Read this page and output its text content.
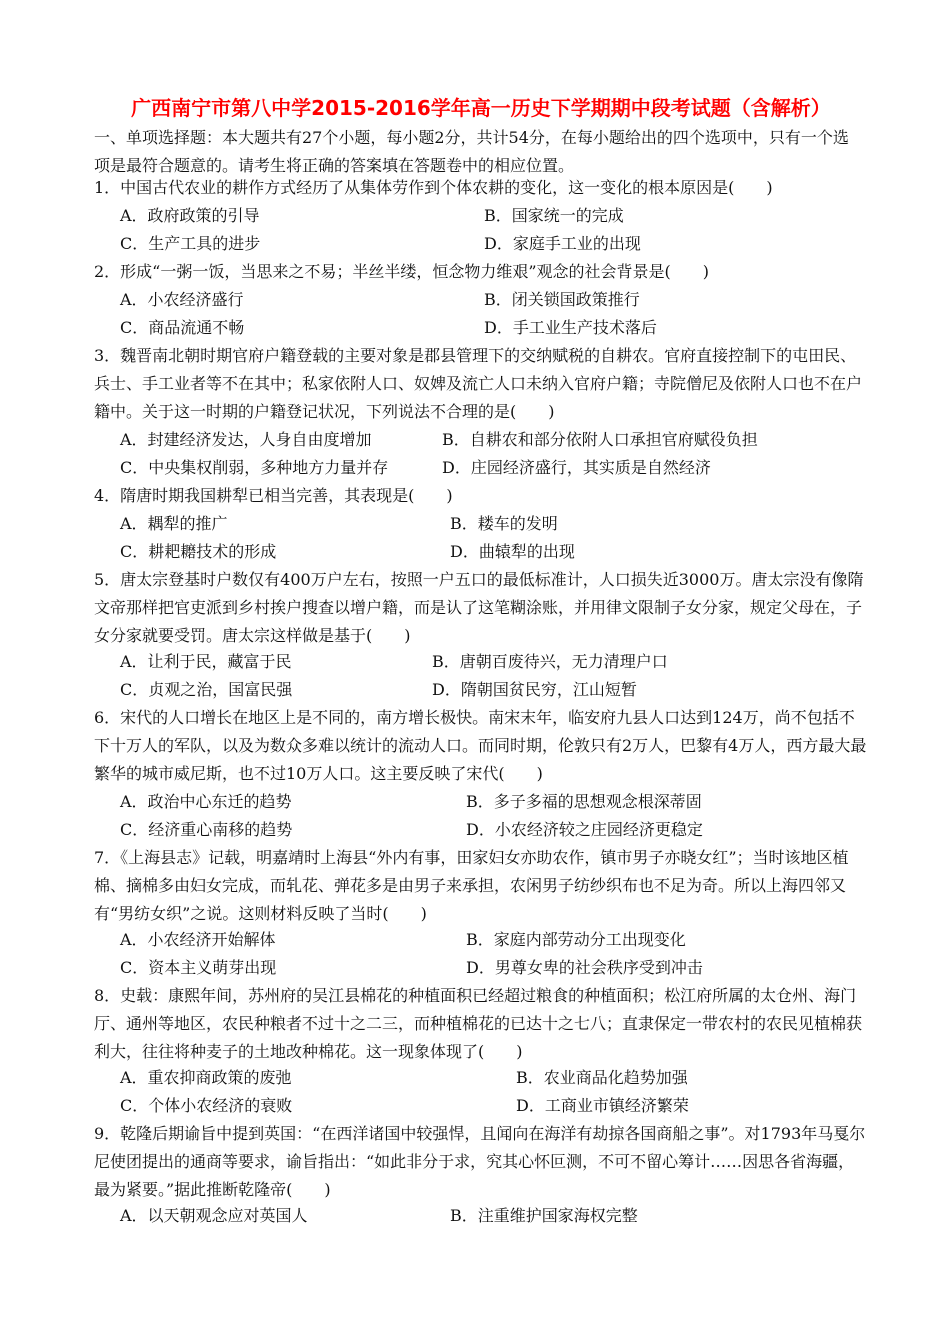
广西南宁市第八中学2015-2016学年高一历史下学期期中段考试题（含解析）
一、单项选择题：本大题共有27个小题，每小题2分，共计54分，在每小题给出的四个选项中，只有一个选项是最符合题意的。请考生将正确的答案填在答题卷中的相应位置。
1．中国古代农业的耕作方式经历了从集体劳作到个体农耕的变化，这一变化的根本原因是(　　)
A．政府政策的引导	B．国家统一的完成
C．生产工具的进步	D．家庭手工业的出现
2．形成“一粥一饭，当思来之不易；半丝半缕，恒念物力维艰”观念的社会背景是(　　)
A．小农经济盛行	B．闭关锁国政策推行
C．商品流通不畅	D．手工业生产技术落后
3．魏晋南北朝时期官府户籍登载的主要对象是郡县管理下的交纳赋税的自耕农。官府直接控制下的屯田民、兵士、手工业者等不在其中；私家依附人口、奴婢及流亡人口未纳入官府户籍；寺院僧尼及依附人口也不在户籍中。关于这一时期的户籍登记状况，下列说法不合理的是(　　)
A．封建经济发达，人身自由度增加	B．自耕农和部分依附人口承担官府赋役负担
C．中央集权削弱，多种地方力量并存	D．庄园经济盛行，其实质是自然经济
4．隋唐时期我国耕犁已相当完善，其表现是(　　)
A．耦犁的推广	B．耧车的发明
C．耕耙耱技术的形成	D．曲辕犁的出现
5．唐太宗登基时户数仅有400万户左右，按照一户五口的最低标准计，人口损失近3000万。唐太宗没有像隋文帝那样把官吏派到乡村挨户搜查以增户籍，而是认了这笔糊涂账，并用律文限制子女分家，规定父母在，子女分家就要受罚。唐太宗这样做是基于(　　)
A．让利于民，藏富于民	B．唐朝百废待兴，无力清理户口
C．贞观之治，国富民强	D．隋朝国贫民穷，江山短暂
6．宋代的人口增长在地区上是不同的，南方增长极快。南宋末年，临安府九县人口达到124万，尚不包括不下十万人的军队，以及为数众多难以统计的流动人口。而同时期，伦敦只有2万人，巴黎有4万人，西方最大最繁华的城市威尼斯，也不过10万人口。这主要反映了宋代(　　)
A．政治中心东迁的趋势	B．多子多福的思想观念根深蒂固
C．经济重心南移的趋势	D．小农经济较之庄园经济更稳定
7．《上海县志》记载，明嘉靖时上海县“外内有事，田家妇女亦助农作，镇市男子亦晓女红”；当时该地区植棉、摘棉多由妇女完成，而轧花、弹花多是由男子来承担，农闲男子纺纱织布也不足为奇。所以上海四邻又有“男纺女织”之说。这则材料反映了当时(　　)
A．小农经济开始解体	B．家庭内部劳动分工出现变化
C．资本主义萌芽出现	D．男尊女卑的社会秩序受到冲击
8．史载：康熙年间，苏州府的吴江县棉花的种植面积已经超过粮食的种植面积；松江府所属的太仓州、海门厅、通州等地区，农民种粮者不过十之二三，而种植棉花的已达十之七八；直隶保定一带农村的农民见植棉获利大，往往将种麦子的土地改种棉花。这一现象体现了(　　)
A．重农抑商政策的废弛	B．农业商品化趋势加强
C．个体小农经济的衰败	D．工商业市镇经济繁荣
9．乾隆后期谕旨中提到英国：“在西洋诸国中较强悍，且闻向在海洋有劫掠各国商船之事”。对1793年马戛尔尼使团提出的通商等要求，谕旨指出：“如此非分于求，究其心怀叵测，不可不留心筹计……因思各省海疆，最为紧要。”据此推断乾隆帝(　　)
A．以天朝观念应对英国人	B．注重维护国家海权完整
